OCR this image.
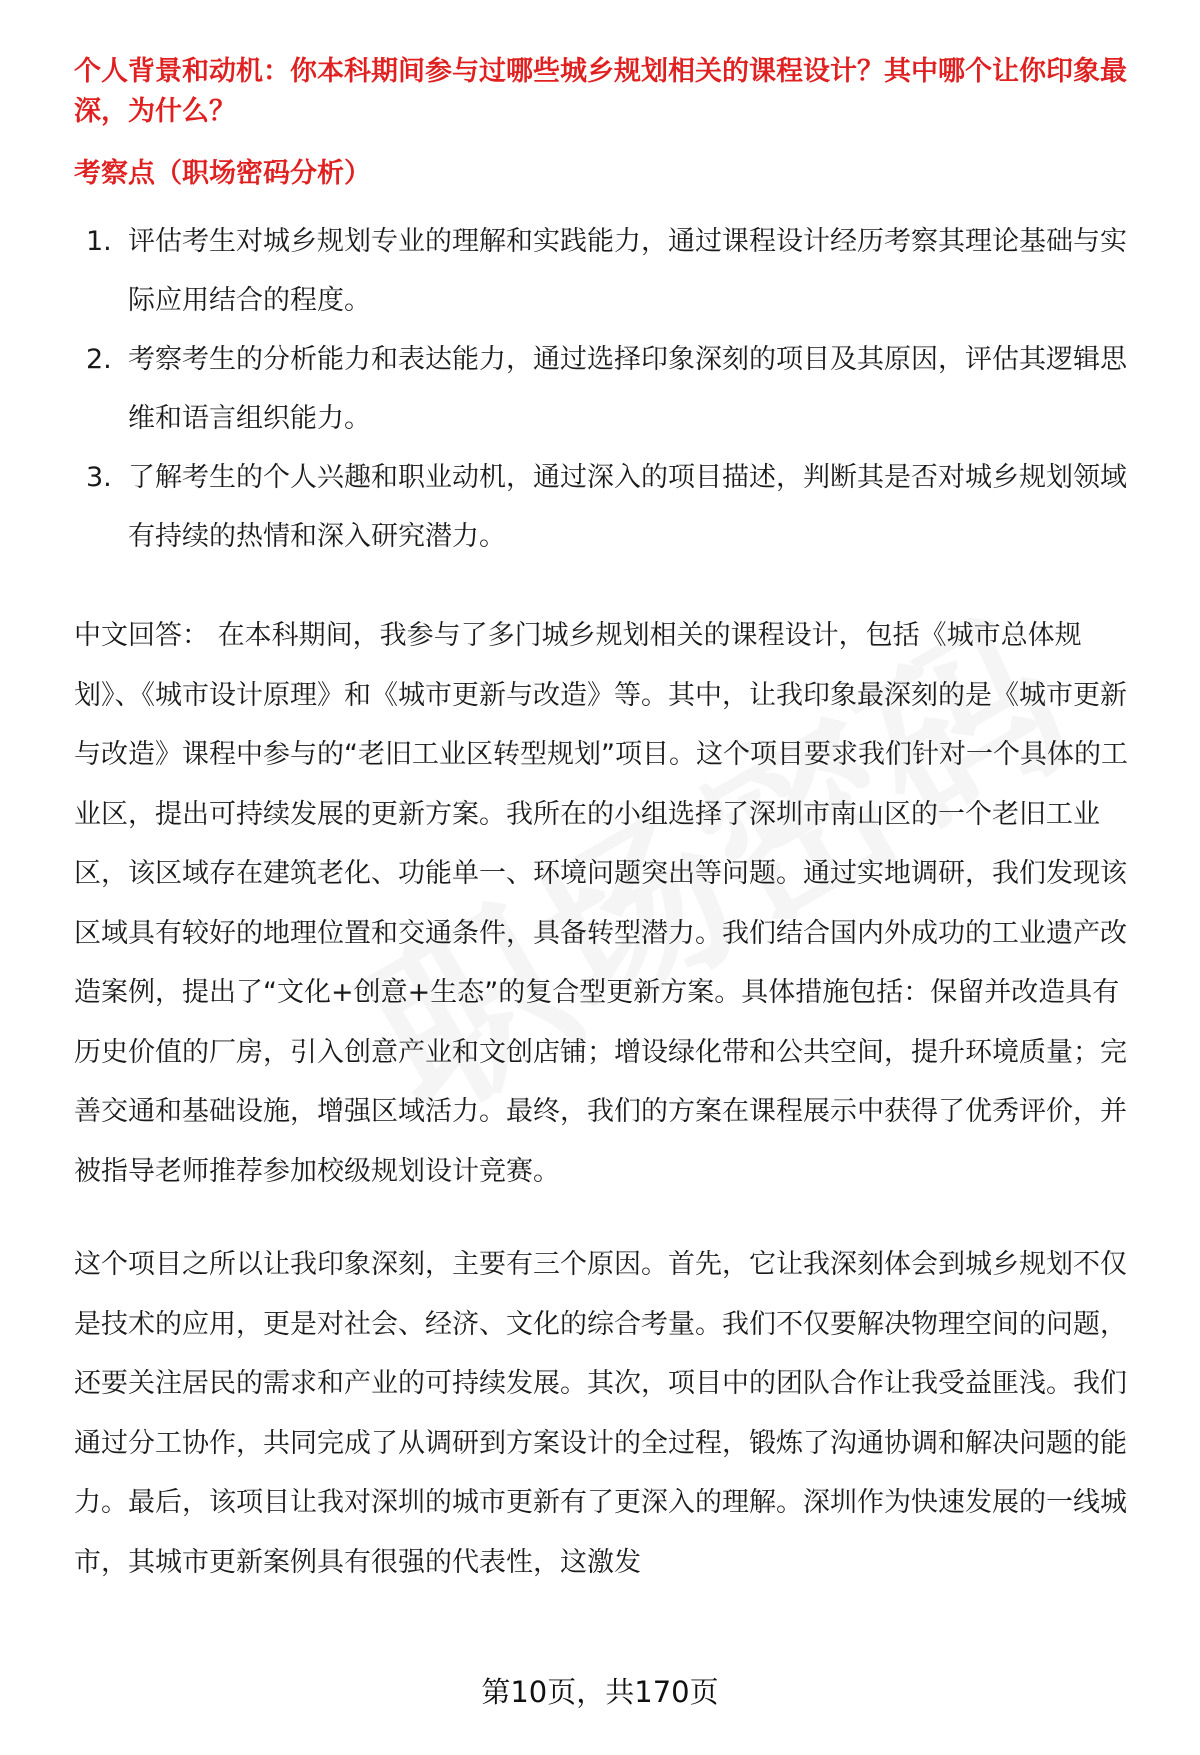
个人背景和动机：你本科期间参与过哪些城乡规划相关的课程设计？其中哪个让你印象最深，为什么？
考察点（职场密码分析）
1. 评估考生对城乡规划专业的理解和实践能力，通过课程设计经历考察其理论基础与实际应用结合的程度。
2. 考察考生的分析能力和表达能力，通过选择印象深刻的项目及其原因，评估其逻辑思维和语言组织能力。
3. 了解考生的个人兴趣和职业动机，通过深入的项目描述，判断其是否对城乡规划领域有持续的热情和深入研究潜力。

中文回答： 在本科期间，我参与了多门城乡规划相关的课程设计，包括《城市总体规划》、《城市设计原理》和《城市更新与改造》等。其中，让我印象最深刻的是《城市更新与改造》课程中参与的“老旧工业区转型规划”项目。这个项目要求我们针对一个具体的工业区，提出可持续发展的更新方案。我所在的小组选择了深圳市南山区的一个老旧工业区，该区域存在建筑老化、功能单一、环境问题突出等问题。通过实地调研，我们发现该区域具有较好的地理位置和交通条件，具备转型潜力。我们结合国内外成功的工业遗产改造案例，提出了“文化+创意+生态”的复合型更新方案。具体措施包括：保留并改造具有历史价值的厂房，引入创意产业和文创店铺；增设绿化带和公共空间，提升环境质量；完善交通和基础设施，增强区域活力。最终，我们的方案在课程展示中获得了优秀评价，并被指导老师推荐参加校级规划设计竞赛。

这个项目之所以让我印象深刻，主要有三个原因。首先，它让我深刻体会到城乡规划不仅是技术的应用，更是对社会、经济、文化的综合考量。我们不仅要解决物理空间的问题，还要关注居民的需求和产业的可持续发展。其次，项目中的团队合作让我受益匪浅。我们通过分工协作，共同完成了从调研到方案设计的全过程，锻炼了沟通协调和解决问题的能力。最后，该项目让我对深圳的城市更新有了更深入的理解。深圳作为快速发展的一线城市，其城市更新案例具有很强的代表性，这激发

第10页，共170页
